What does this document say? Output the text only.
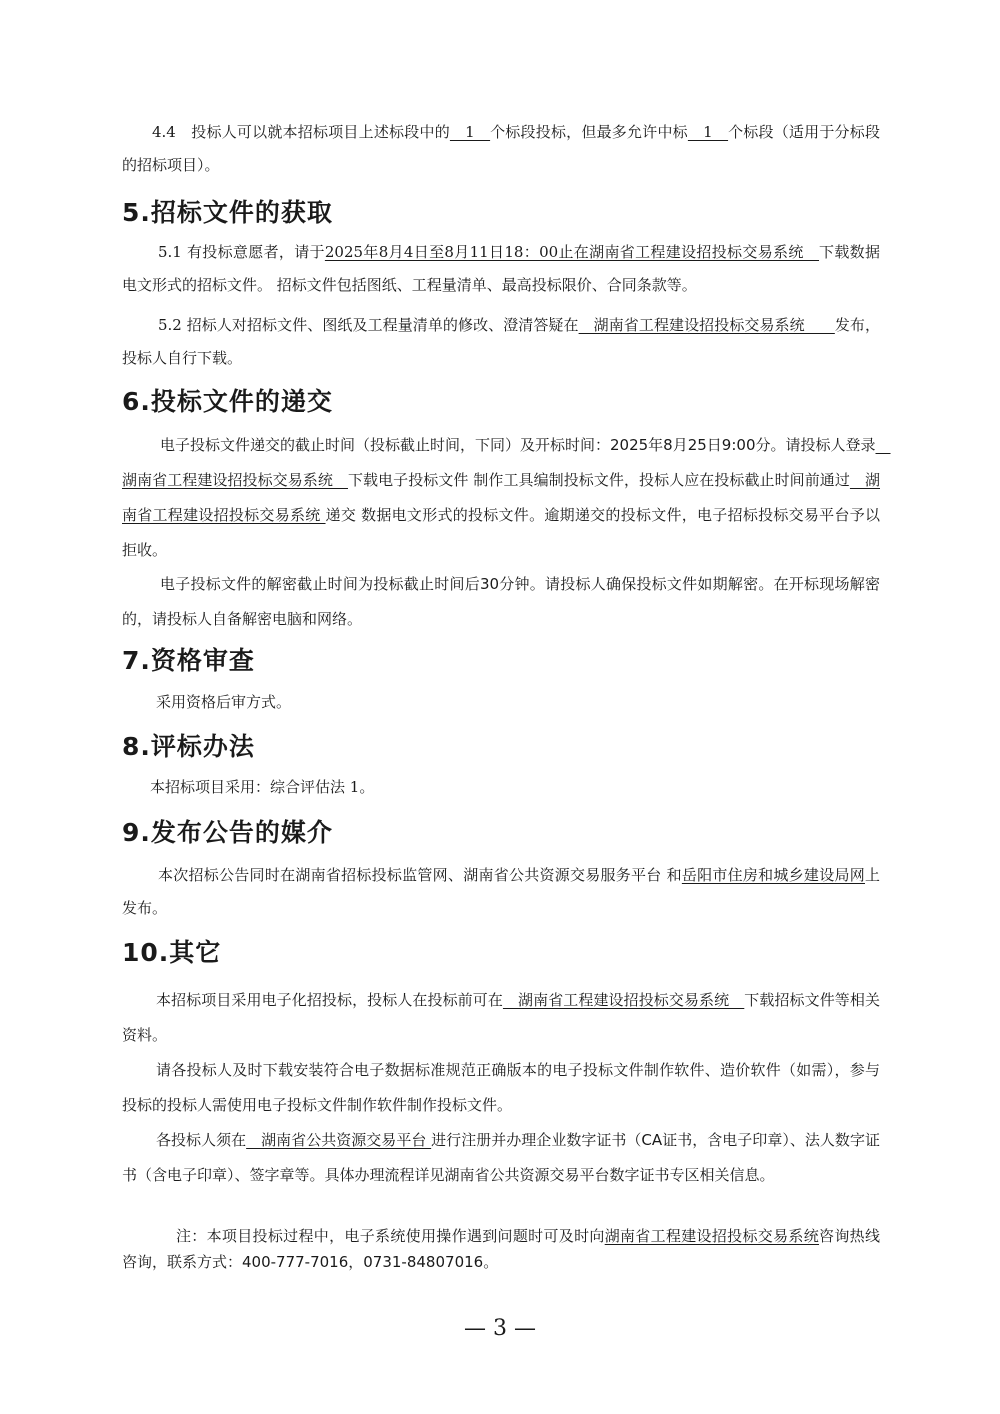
4.4　投标人可以就本招标项目上述标段中的　1　个标段投标，但最多允许中标　1　个标段（适用于分标段的招标项目）。

5.招标文件的获取

5.1 有投标意愿者，请于2025年8月4日至8月11日18：00止在湖南省工程建设招投标交易系统　下载数据电文形式的招标文件。 招标文件包括图纸、工程量清单、最高投标限价、合同条款等。

5.2 招标人对招标文件、图纸及工程量清单的修改、澄清答疑在　湖南省工程建设招投标交易系统　　发布，投标人自行下载。

6.投标文件的递交

电子投标文件递交的截止时间（投标截止时间，下同）及开标时间：2025年8月25日9:00分。请投标人登录　湖南省工程建设招投标交易系统　下载电子投标文件 制作工具编制投标文件，投标人应在投标截止时间前通过　湖南省工程建设招投标交易系统 递交 数据电文形式的投标文件。逾期递交的投标文件，电子招标投标交易平台予以拒收。

电子投标文件的解密截止时间为投标截止时间后30分钟。请投标人确保投标文件如期解密。在开标现场解密的，请投标人自备解密电脑和网络。

7.资格审查

采用资格后审方式。

8.评标办法

本招标项目采用：综合评估法 1。

9.发布公告的媒介

本次招标公告同时在湖南省招标投标监管网、湖南省公共资源交易服务平台 和岳阳市住房和城乡建设局网上发布。

10.其它

本招标项目采用电子化招投标，投标人在投标前可在　湖南省工程建设招投标交易系统　下载招标文件等相关资料。

请各投标人及时下载安装符合电子数据标准规范正确版本的电子投标文件制作软件、造价软件（如需），参与投标的投标人需使用电子投标文件制作软件制作投标文件。

各投标人须在　湖南省公共资源交易平台 进行注册并办理企业数字证书（CA证书，含电子印章）、法人数字证书（含电子印章）、签字章等。具体办理流程详见湖南省公共资源交易平台数字证书专区相关信息。

注：本项目投标过程中，电子系统使用操作遇到问题时可及时向湖南省工程建设招投标交易系统咨询热线咨询，联系方式：400-777-7016，0731-84807016。

— 3 —
